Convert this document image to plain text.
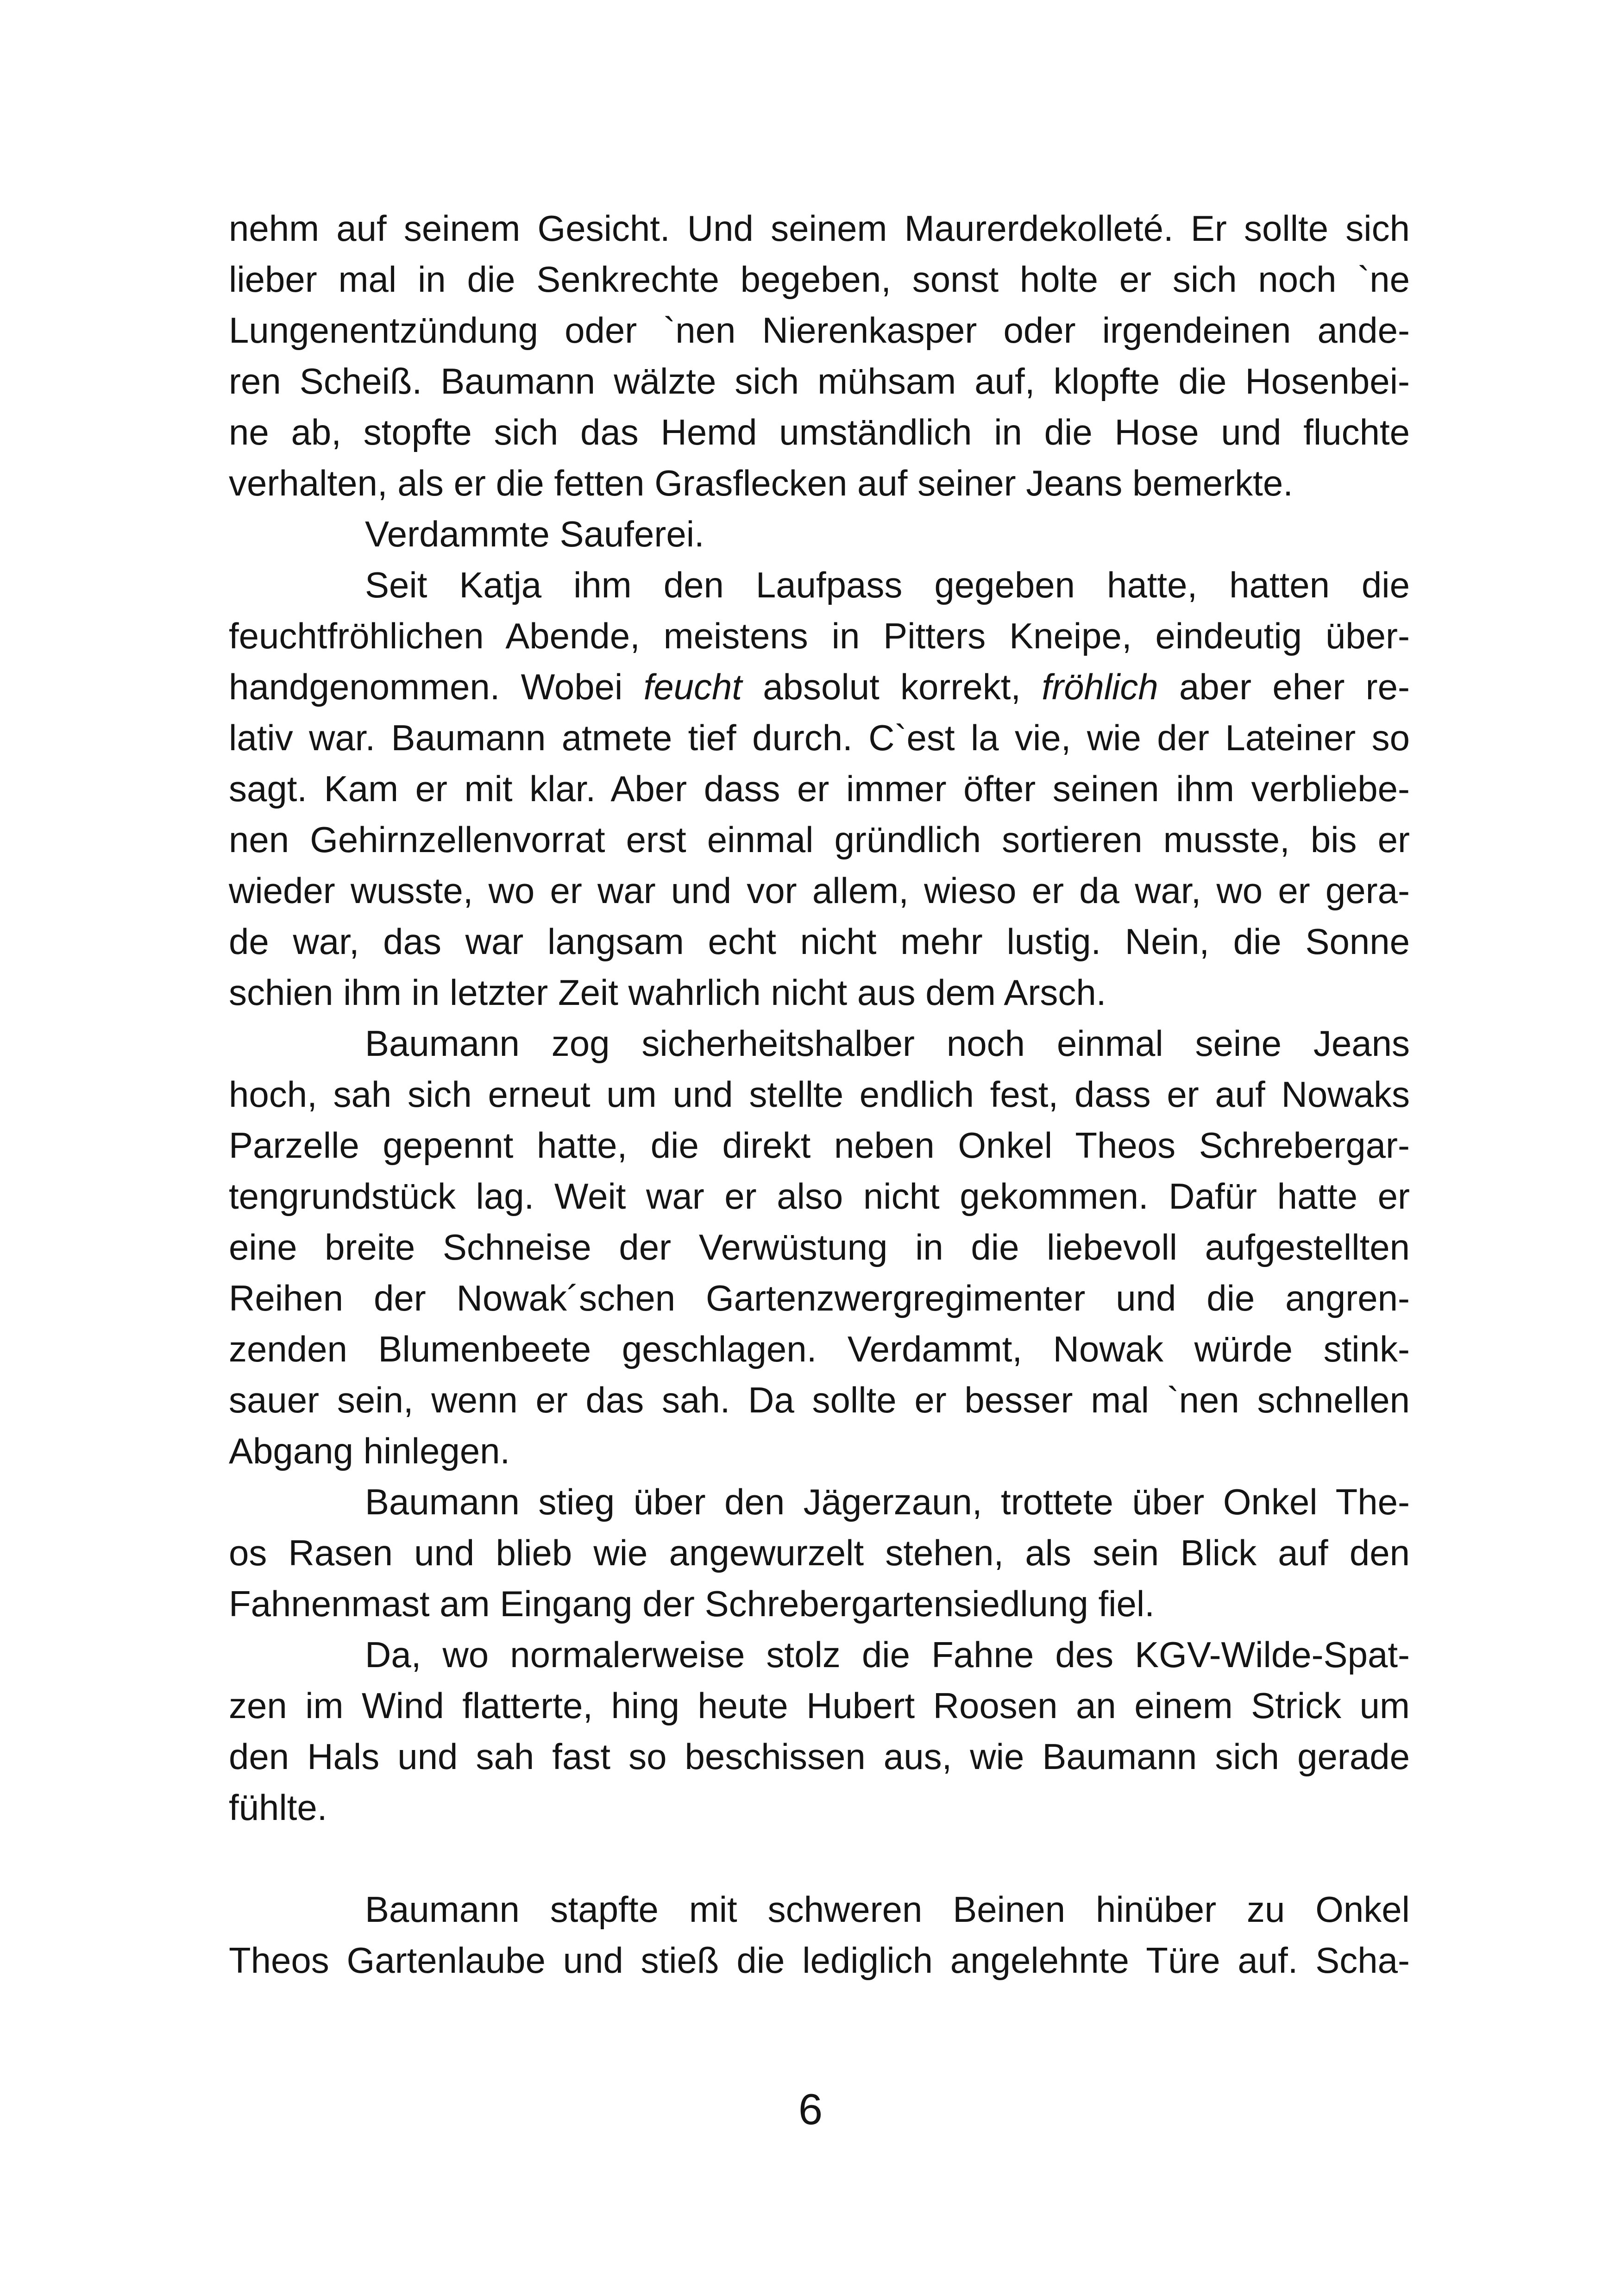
nehm auf seinem Gesicht. Und seinem Maurerdekolleté. Er sollte sich
lieber mal in die Senkrechte begeben, sonst holte er sich noch `ne
Lungenentzündung oder `nen Nierenkasper oder irgendeinen ande-
ren Scheiß. Baumann wälzte sich mühsam auf, klopfte die Hosenbei-
ne ab, stopfte sich das Hemd umständlich in die Hose und fluchte
verhalten, als er die fetten Grasflecken auf seiner Jeans bemerkte.
Verdammte Sauferei.
Seit Katja ihm den Laufpass gegeben hatte, hatten die
feuchtfröhlichen Abende, meistens in Pitters Kneipe, eindeutig über-
handgenommen. Wobei feucht absolut korrekt, fröhlich aber eher re-
lativ war. Baumann atmete tief durch. C`est la vie, wie der Lateiner so
sagt. Kam er mit klar. Aber dass er immer öfter seinen ihm verbliebe-
nen Gehirnzellenvorrat erst einmal gründlich sortieren musste, bis er
wieder wusste, wo er war und vor allem, wieso er da war, wo er gera-
de war, das war langsam echt nicht mehr lustig. Nein, die Sonne
schien ihm in letzter Zeit wahrlich nicht aus dem Arsch.
Baumann zog sicherheitshalber noch einmal seine Jeans
hoch, sah sich erneut um und stellte endlich fest, dass er auf Nowaks
Parzelle gepennt hatte, die direkt neben Onkel Theos Schrebergar-
tengrundstück lag. Weit war er also nicht gekommen. Dafür hatte er
eine breite Schneise der Verwüstung in die liebevoll aufgestellten
Reihen der Nowak´schen Gartenzwergregimenter und die angren-
zenden Blumenbeete geschlagen. Verdammt, Nowak würde stink-
sauer sein, wenn er das sah. Da sollte er besser mal `nen schnellen
Abgang hinlegen.
Baumann stieg über den Jägerzaun, trottete über Onkel The-
os Rasen und blieb wie angewurzelt stehen, als sein Blick auf den
Fahnenmast am Eingang der Schrebergartensiedlung fiel.
Da, wo normalerweise stolz die Fahne des KGV-Wilde-Spat-
zen im Wind flatterte, hing heute Hubert Roosen an einem Strick um
den Hals und sah fast so beschissen aus, wie Baumann sich gerade
fühlte.
Baumann stapfte mit schweren Beinen hinüber zu Onkel
Theos Gartenlaube und stieß die lediglich angelehnte Türe auf. Scha-
6
